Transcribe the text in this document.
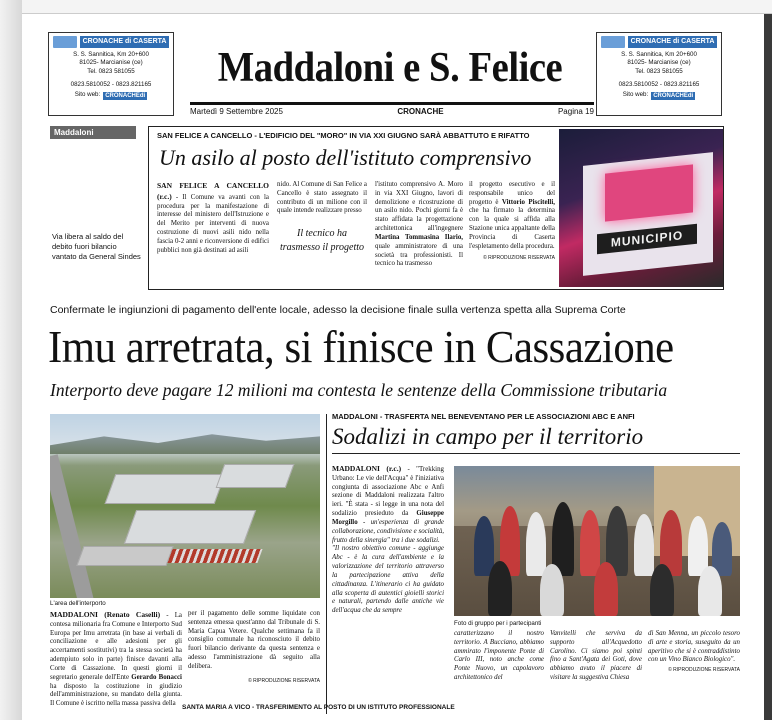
CRONACHE di CASERTA
S. S. Sannitica, Km 20+600
81025- Marcianise (ce)
Tel. 0823 581055
0823.5810052 - 0823.821165
Sito web: CRONACHEdi
CRONACHE di CASERTA
S. S. Sannitica, Km 20+600
81025- Marcianise (ce)
Tel. 0823 581055
0823.5810052 - 0823.821165
Sito web: CRONACHEdi
Maddaloni e S. Felice
Martedì 9 Settembre 2025	CRONACHE	Pagina 19
Maddaloni
Via libera al saldo del debito fuori bilancio vantato da General Sindes
SAN FELICE A CANCELLO - L'EDIFICIO DEL "MORO" IN VIA XXI GIUGNO SARÀ ABBATTUTO E RIFATTO
Un asilo al posto dell'istituto comprensivo
SAN FELICE A CANCELLO (r.c.) - Il Comune va avanti con la procedura per la manifestazione di interesse del ministero dell'Istruzione e del Merito per interventi di nuova costruzione di nuovi asili nido nella fascia 0-2 anni e riconversione di edifici pubblici non già destinati ad asili
nido. Al Comune di San Felice a Cancello è stato assegnato il contributo di un milione con il quale intende realizzare presso
Il tecnico ha trasmesso il progetto
l'istituto comprensivo A. Moro in via XXI Giugno, lavori di demolizione e ricostruzione di un asilo nido. Pochi giorni fa è stato affidata la progettazione architettonica all'ingegnere Martina Tommasina Ilario, quale amministratore di una società tra professionisti. Il tecnico ha trasmesso
il progetto esecutivo e il responsabile unico del progetto è Vittorio Piscitelli, che ha firmato la determina con la quale si affida alla Stazione unica appaltante della Provincia di Caserta l'espletamento della procedura.
© RIPRODUZIONE RISERVATA
MUNICIPIO
Confermate le ingiunzioni di pagamento dell'ente locale, adesso la decisione finale sulla vertenza spetta alla Suprema Corte
Imu arretrata, si finisce in Cassazione
Interporto deve pagare 12 milioni ma contesta le sentenze della Commissione tributaria
L'area dell'interporto
MADDALONI (Renato Caselli) - La contesa milionaria fra Comune e Interporto Sud Europa per Imu arretrata (in base ai verbali di conciliazione e alle adesioni per gli accertamenti sostitutivi) tra la stessa società ha adempiuto solo in parte) finisce davanti alla Corte di Cassazione. In questi giorni il segretario generale dell'Ente Gerardo Bonacci ha disposto la costituzione in giudizio dell'amministrazione, su mandato della giunta. Il Comune è iscritto nella massa passiva della
per il pagamento delle somme liquidate con sentenza emessa quest'anno dal Tribunale di S. Maria Capua Vetere. Qualche settimana fa il consiglio comunale ha riconosciuto il debito fuori bilancio derivante da questa sentenza e adesso l'amministrazione dà seguito alla delibera.
© RIPRODUZIONE RISERVATA
MADDALONI - TRASFERTA NEL BENEVENTANO PER LE ASSOCIAZIONI ABC E ANFI
Sodalizi in campo per il territorio
MADDALONI (r.c.) - "Trekking Urbano: Le vie dell'Acqua" è l'iniziativa congiunta di associazione Abc e Anfi sezione di Maddaloni realizzata l'altro ieri. "È stata - si legge in una nota del sodalizio presieduto da Giuseppe Morgillo - un'esperienza di grande collaborazione, condivisione e socialità, frutto della sinergia" tra i due sodalizi.
"Il nostro obiettivo comune - aggiunge Abc - è la cura dell'ambiente e la valorizzazione del territorio attraverso la partecipazione attiva della cittadinanza. L'itinerario ci ha guidato alla scoperta di autentici gioielli storici e naturali, partendo dalle antiche vie dell'acqua che da sempre
Foto di gruppo per i partecipanti
caratterizzano il nostro territorio. A Bucciano, abbiamo ammirato l'imponente Ponte di Carlo III, noto anche come Ponte Nuovo, un capolavoro architettonico del
Vanvitelli che serviva da supporto all'Acquedotto Carolino. Ci siamo poi spinti fino a Sant'Agata dei Goti, dove abbiamo avuto il piacere di visitare la suggestiva Chiesa
di San Menna, un piccolo tesoro di arte e storia, suseguito da un aperitivo che si è contraddistinto con un Vino Bianco Biologico".
© RIPRODUZIONE RISERVATA
SANTA MARIA A VICO - TRASFERIMENTO AL POSTO DI UN ISTITUTO PROFESSIONALE
